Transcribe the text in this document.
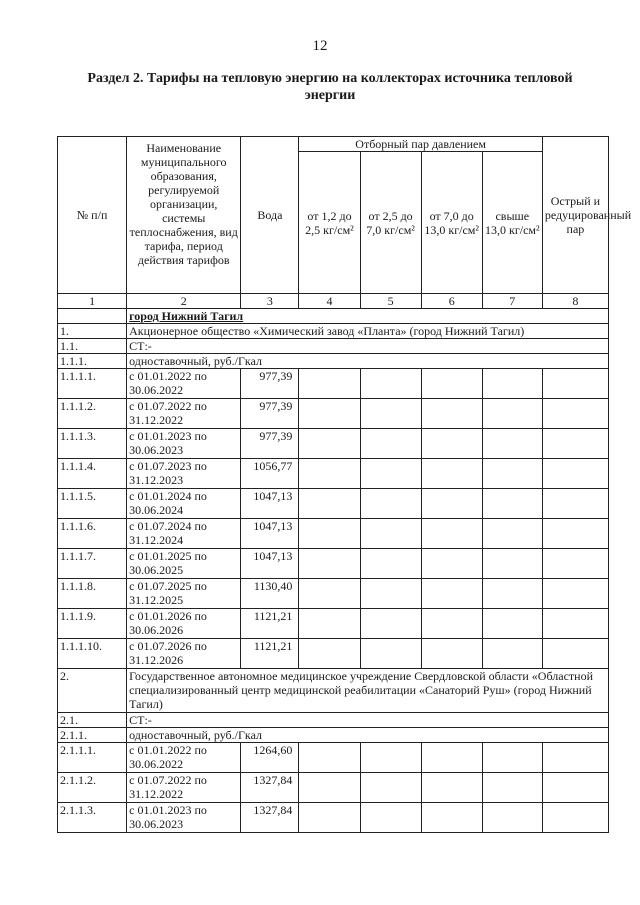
12
Раздел 2. Тарифы на тепловую энергию на коллекторах источника тепловой энергии
№ п/п	Наименование муниципального образования, регулируемой организации, системы теплоснабжения, вид тарифа, период действия тарифов	Вода	Отборный пар давлением				Острый и редуцированный пар
			от 1,2 до 2,5 кг/см²	от 2,5 до 7,0 кг/см²	от 7,0 до 13,0 кг/см²	свыше 13,0 кг/см²	
1	2	3	4	5	6	7	8
	город Нижний Тагил						
1.	Акционерное общество «Химический завод «Планта» (город Нижний Тагил)						
1.1.	СТ:-						
1.1.1.	одноставочный, руб./Гкал						
1.1.1.1.	с 01.01.2022 по 30.06.2022	977,39					
1.1.1.2.	с 01.07.2022 по 31.12.2022	977,39					
1.1.1.3.	с 01.01.2023 по 30.06.2023	977,39					
1.1.1.4.	с 01.07.2023 по 31.12.2023	1056,77					
1.1.1.5.	с 01.01.2024 по 30.06.2024	1047,13					
1.1.1.6.	с 01.07.2024 по 31.12.2024	1047,13					
1.1.1.7.	с 01.01.2025 по 30.06.2025	1047,13					
1.1.1.8.	с 01.07.2025 по 31.12.2025	1130,40					
1.1.1.9.	с 01.01.2026 по 30.06.2026	1121,21					
1.1.1.10.	с 01.07.2026 по 31.12.2026	1121,21					
2.	Государственное автономное медицинское учреждение Свердловской области «Областной специализированный центр медицинской реабилитации «Санаторий Руш» (город Нижний Тагил)						
2.1.	СТ:-						
2.1.1.	одноставочный, руб./Гкал						
2.1.1.1.	с 01.01.2022 по 30.06.2022	1264,60					
2.1.1.2.	с 01.07.2022 по 31.12.2022	1327,84					
2.1.1.3.	с 01.01.2023 по 30.06.2023	1327,84					
